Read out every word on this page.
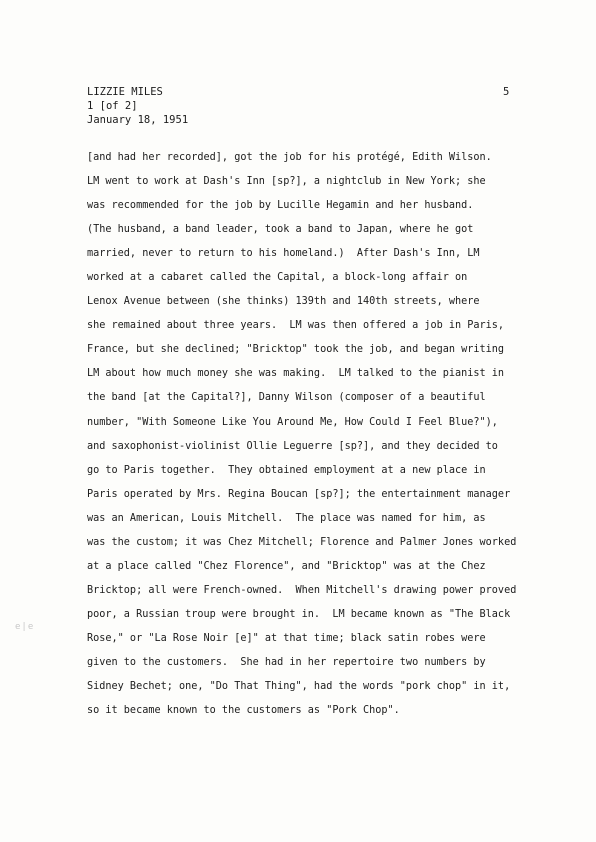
LIZZIE MILES
1 [of 2]
January 18, 1951
5
[and had her recorded], got the job for his protégé, Edith Wilson.
LM went to work at Dash's Inn [sp?], a nightclub in New York; she
was recommended for the job by Lucille Hegamin and her husband.
(The husband, a band leader, took a band to Japan, where he got
married, never to return to his homeland.)  After Dash's Inn, LM
worked at a cabaret called the Capital, a block-long affair on
Lenox Avenue between (she thinks) 139th and 140th streets, where
she remained about three years.  LM was then offered a job in Paris,
France, but she declined; "Bricktop" took the job, and began writing
LM about how much money she was making.  LM talked to the pianist in
the band [at the Capital?], Danny Wilson (composer of a beautiful
number, "With Someone Like You Around Me, How Could I Feel Blue?"),
and saxophonist-violinist Ollie Leguerre [sp?], and they decided to
go to Paris together.  They obtained employment at a new place in
Paris operated by Mrs. Regina Boucan [sp?]; the entertainment manager
was an American, Louis Mitchell.  The place was named for him, as
was the custom; it was Chez Mitchell; Florence and Palmer Jones worked
at a place called "Chez Florence", and "Bricktop" was at the Chez
Bricktop; all were French-owned.  When Mitchell's drawing power proved
poor, a Russian troup were brought in.  LM became known as "The Black
Rose," or "La Rose Noir [e]" at that time; black satin robes were
given to the customers.  She had in her repertoire two numbers by
Sidney Bechet; one, "Do That Thing", had the words "pork chop" in it,
so it became known to the customers as "Pork Chop".
e|e
